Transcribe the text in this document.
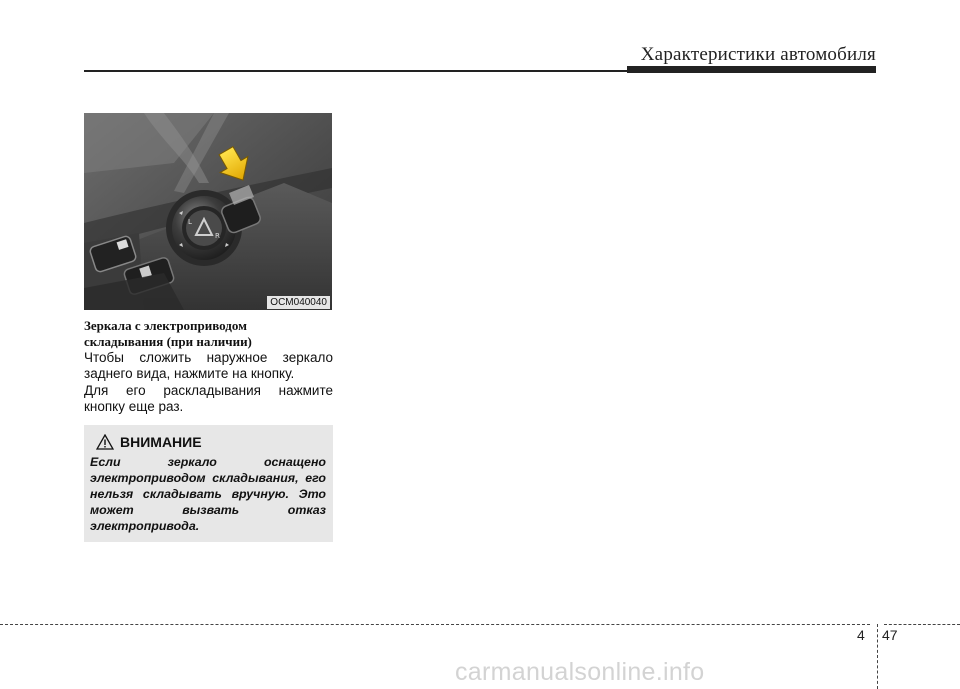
Характеристики автомобиля
L
R
OCM040040
Зеркала с электроприводом
складывания (при наличии)
Чтобы сложить наружное зеркало заднего вида, нажмите на кнопку.
Для его раскладывания нажмите кнопку еще раз.
ВНИМАНИЕ
Если зеркало оснащено электроприводом складывания, его нельзя складывать вручную. Это может вызвать отказ электропривода.
4 47
carmanualsonline.info
